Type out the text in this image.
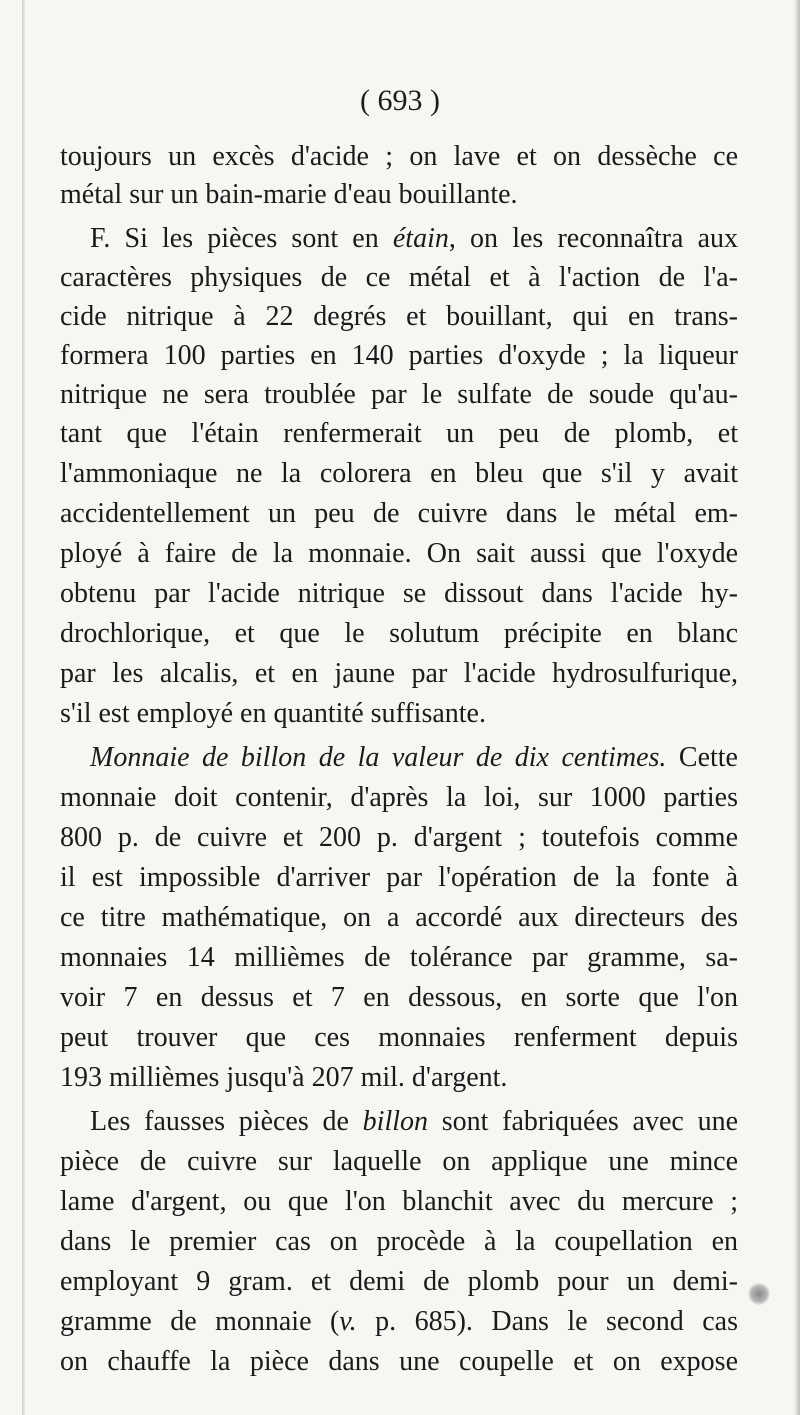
( 693 )
toujours un excès d'acide ; on lave et on dessèche ce
métal sur un bain-marie d'eau bouillante.
F. Si les pièces sont en étain, on les reconnaîtra aux
caractères physiques de ce métal et à l'action de l'a-
cide nitrique à 22 degrés et bouillant, qui en trans-
formera 100 parties en 140 parties d'oxyde ; la liqueur
nitrique ne sera troublée par le sulfate de soude qu'au-
tant que l'étain renfermerait un peu de plomb, et
l'ammoniaque ne la colorera en bleu que s'il y avait
accidentellement un peu de cuivre dans le métal em-
ployé à faire de la monnaie. On sait aussi que l'oxyde
obtenu par l'acide nitrique se dissout dans l'acide hy-
drochlorique, et que le solutum précipite en blanc
par les alcalis, et en jaune par l'acide hydrosulfurique,
s'il est employé en quantité suffisante.
Monnaie de billon de la valeur de dix centimes. Cette
monnaie doit contenir, d'après la loi, sur 1000 parties
800 p. de cuivre et 200 p. d'argent ; toutefois comme
il est impossible d'arriver par l'opération de la fonte à
ce titre mathématique, on a accordé aux directeurs des
monnaies 14 millièmes de tolérance par gramme, sa-
voir 7 en dessus et 7 en dessous, en sorte que l'on
peut trouver que ces monnaies renferment depuis
193 millièmes jusqu'à 207 mil. d'argent.
Les fausses pièces de billon sont fabriquées avec une
pièce de cuivre sur laquelle on applique une mince
lame d'argent, ou que l'on blanchit avec du mercure ;
dans le premier cas on procède à la coupellation en
employant 9 gram. et demi de plomb pour un demi-
gramme de monnaie (v. p. 685). Dans le second cas
on chauffe la pièce dans une coupelle et on expose
